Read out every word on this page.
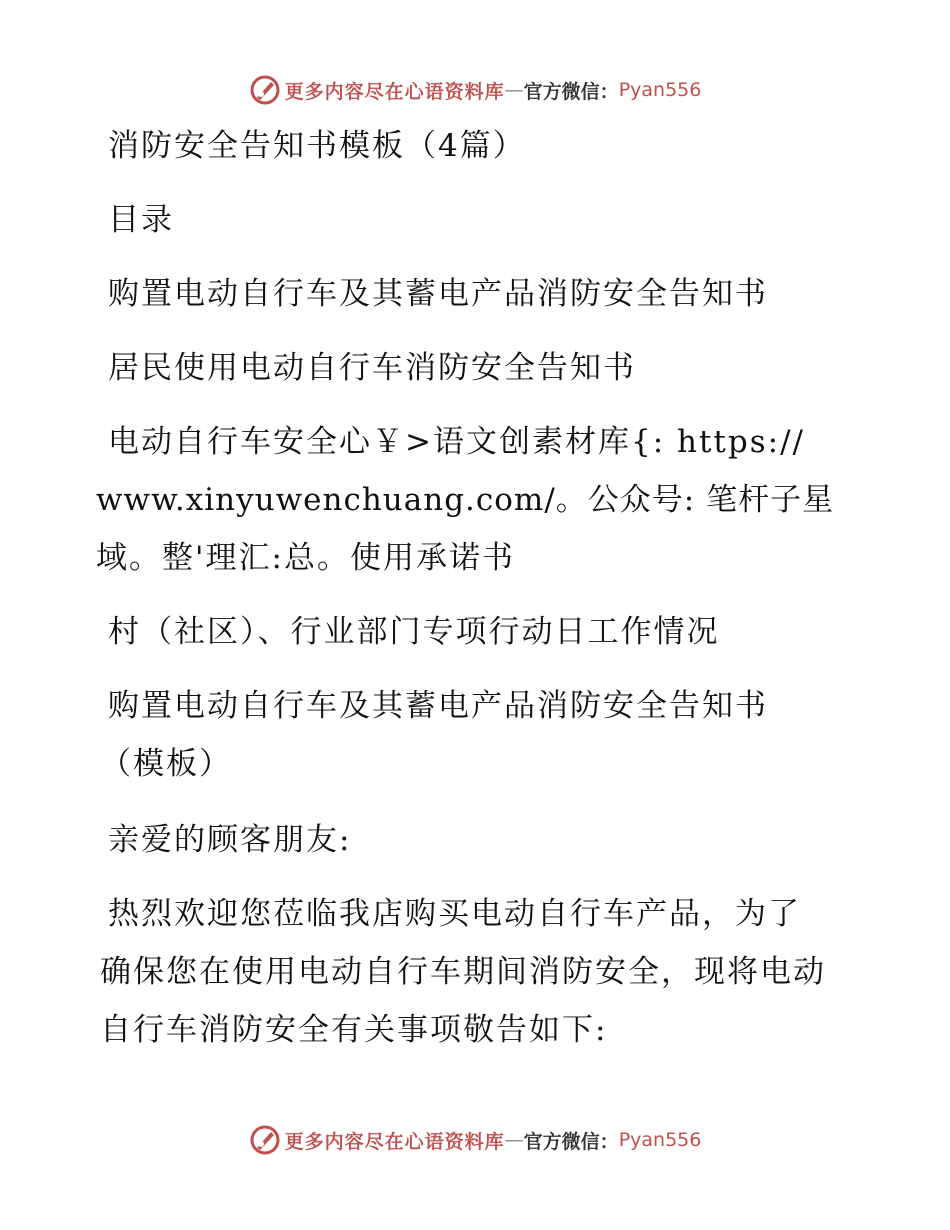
更多内容尽在心语资料库 — 官方微信： Pyan556
消防安全告知书模板（4篇）
目录
购置电动自行车及其蓄电产品消防安全告知书
居民使用电动自行车消防安全告知书
电动自行车安全心￥>语文创素材库{: https://
www.xinyuwenchuang.com/。公众号: 笔杆子星
域。整'理汇:总。使用承诺书
村（社区）、行业部门专项行动日工作情况
购置电动自行车及其蓄电产品消防安全告知书
（模板）
亲爱的顾客朋友:
热烈欢迎您莅临我店购买电动自行车产品，为了
确保您在使用电动自行车期间消防安全，现将电动
自行车消防安全有关事项敬告如下:
更多内容尽在心语资料库 — 官方微信： Pyan556
